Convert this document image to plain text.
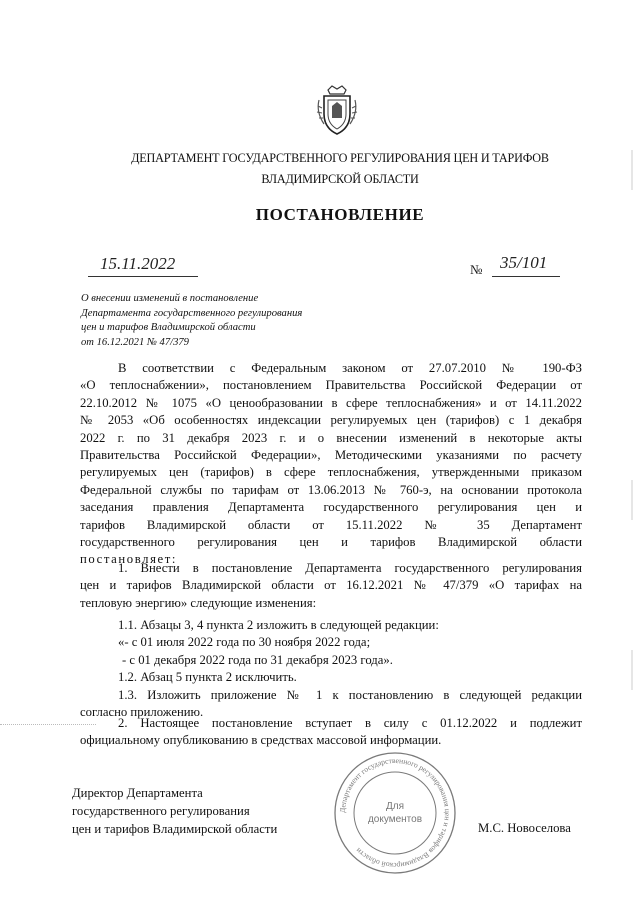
ДЕПАРТАМЕНТ ГОСУДАРСТВЕННОГО РЕГУЛИРОВАНИЯ ЦЕН И ТАРИФОВ
ВЛАДИМИРСКОЙ ОБЛАСТИ
ПОСТАНОВЛЕНИЕ
15.11.2022	№ 35/101
О внесении изменений в постановление
Департамента государственного регулирования
цен и тарифов Владимирской области
от 16.12.2021 № 47/379
В соответствии с Федеральным законом от 27.07.2010 № 190-ФЗ
«О теплоснабжении», постановлением Правительства Российской Федерации от
22.10.2012 № 1075 «О ценообразовании в сфере теплоснабжения» и от 14.11.2022
№ 2053 «Об особенностях индексации регулируемых цен (тарифов) с 1 декабря
2022 г. по 31 декабря 2023 г. и о внесении изменений в некоторые акты
Правительства Российской Федерации», Методическими указаниями по расчету
регулируемых цен (тарифов) в сфере теплоснабжения, утвержденными приказом
Федеральной службы по тарифам от 13.06.2013 № 760-э, на основании протокола
заседания правления Департамента государственного регулирования цен и
тарифов Владимирской области от 15.11.2022 № 35 Департамент
государственного регулирования цен и тарифов Владимирской области
постановляет:
1. Внести в постановление Департамента государственного регулирования
цен и тарифов Владимирской области от 16.12.2021 № 47/379 «О тарифах на
тепловую энергию» следующие изменения:
1.1. Абзацы 3, 4 пункта 2 изложить в следующей редакции:
«- с 01 июля 2022 года по 30 ноября 2022 года;
- с 01 декабря 2022 года по 31 декабря 2023 года».
1.2. Абзац 5 пункта 2 исключить.
1.3. Изложить приложение № 1 к постановлению в следующей редакции
согласно приложению.
2. Настоящее постановление вступает в силу с 01.12.2022 и подлежит
официальному опубликованию в средствах массовой информации.
Директор Департамента
государственного регулирования
цен и тарифов Владимирской области	М.С. Новоселова
Департамент государственного регулирования цен и тарифов Владимирской области
Для
документов
